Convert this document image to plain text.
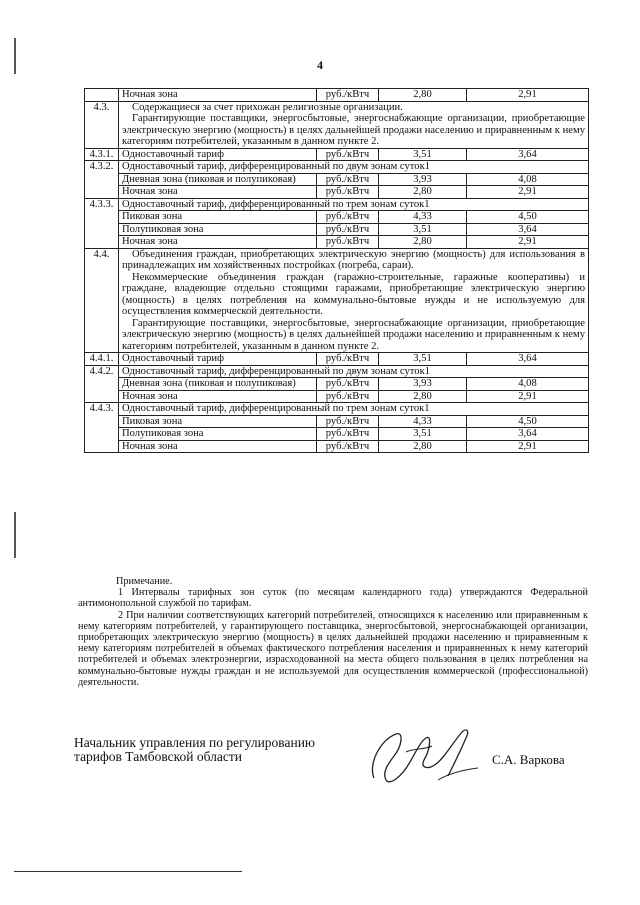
4
	Ночная зона	руб./кВтч	2,80	2,91
4.3.	Содержащиеся за счет прихожан религиозные организации.

Гарантирующие поставщики, энергосбытовые, энергоснабжающие организации, приобретающие электрическую энергию (мощность) в целях дальнейшей продажи населению и приравненным к нему категориям потребителей, указанным в данном пункте 2.			

4.3.1.	Одноставочный тариф	руб./кВтч	3,51	3,64
4.3.2.	Одноставочный тариф, дифференцированный по двум зонам суток1			
	Дневная зона (пиковая и полупиковая)	руб./кВтч	3,93	4,08
	Ночная зона	руб./кВтч	2,80	2,91
4.3.3.	Одноставочный тариф, дифференцированный по трем зонам суток1			
	Пиковая зона	руб./кВтч	4,33	4,50
	Полупиковая зона	руб./кВтч	3,51	3,64
	Ночная зона	руб./кВтч	2,80	2,91
4.4.	Объединения граждан, приобретающих электрическую энергию (мощность) для использования в принадлежащих им хозяйственных постройках (погреба, сараи).

Некоммерческие объединения граждан (гаражно-строительные, гаражные кооперативы) и граждане, владеющие отдельно стоящими гаражами, приобретающие электрическую энергию (мощность) в целях потребления на коммунально-бытовые нужды и не используемую для осуществления коммерческой деятельности.

Гарантирующие поставщики, энергосбытовые, энергоснабжающие организации, приобретающие электрическую энергию (мощность) в целях дальнейшей продажи населению и приравненным к нему категориям потребителей, указанным в данном пункте 2.			

4.4.1.	Одноставочный тариф	руб./кВтч	3,51	3,64
4.4.2.	Одноставочный тариф, дифференцированный по двум зонам суток1			
	Дневная зона (пиковая и полупиковая)	руб./кВтч	3,93	4,08
	Ночная зона	руб./кВтч	2,80	2,91
4.4.3.	Одноставочный тариф, дифференцированный по трем зонам суток1			
	Пиковая зона	руб./кВтч	4,33	4,50
	Полупиковая зона	руб./кВтч	3,51	3,64
	Ночная зона	руб./кВтч	2,80	2,91

Примечание.

1 Интервалы тарифных зон суток (по месяцам календарного года) утверждаются Федеральной антимонопольной службой по тарифам.

2 При наличии соответствующих категорий потребителей, относящихся к населению или приравненным к нему категориям потребителей, у гарантирующего поставщика, энергосбытовой, энергоснабжающей организации, приобретающих электрическую энергию (мощность) в целях дальнейшей продажи населению и приравненным к нему категориям потребителей в объемах фактического потребления населения и приравненных к нему категорий потребителей и объемах электроэнергии, израсходованной на места общего пользования в целях потребления на коммунально-бытовые нужды граждан и не используемой для осуществления коммерческой (профессиональной) деятельности.

Начальник управления по регулированию
тарифов Тамбовской области	С.А. Варкова
